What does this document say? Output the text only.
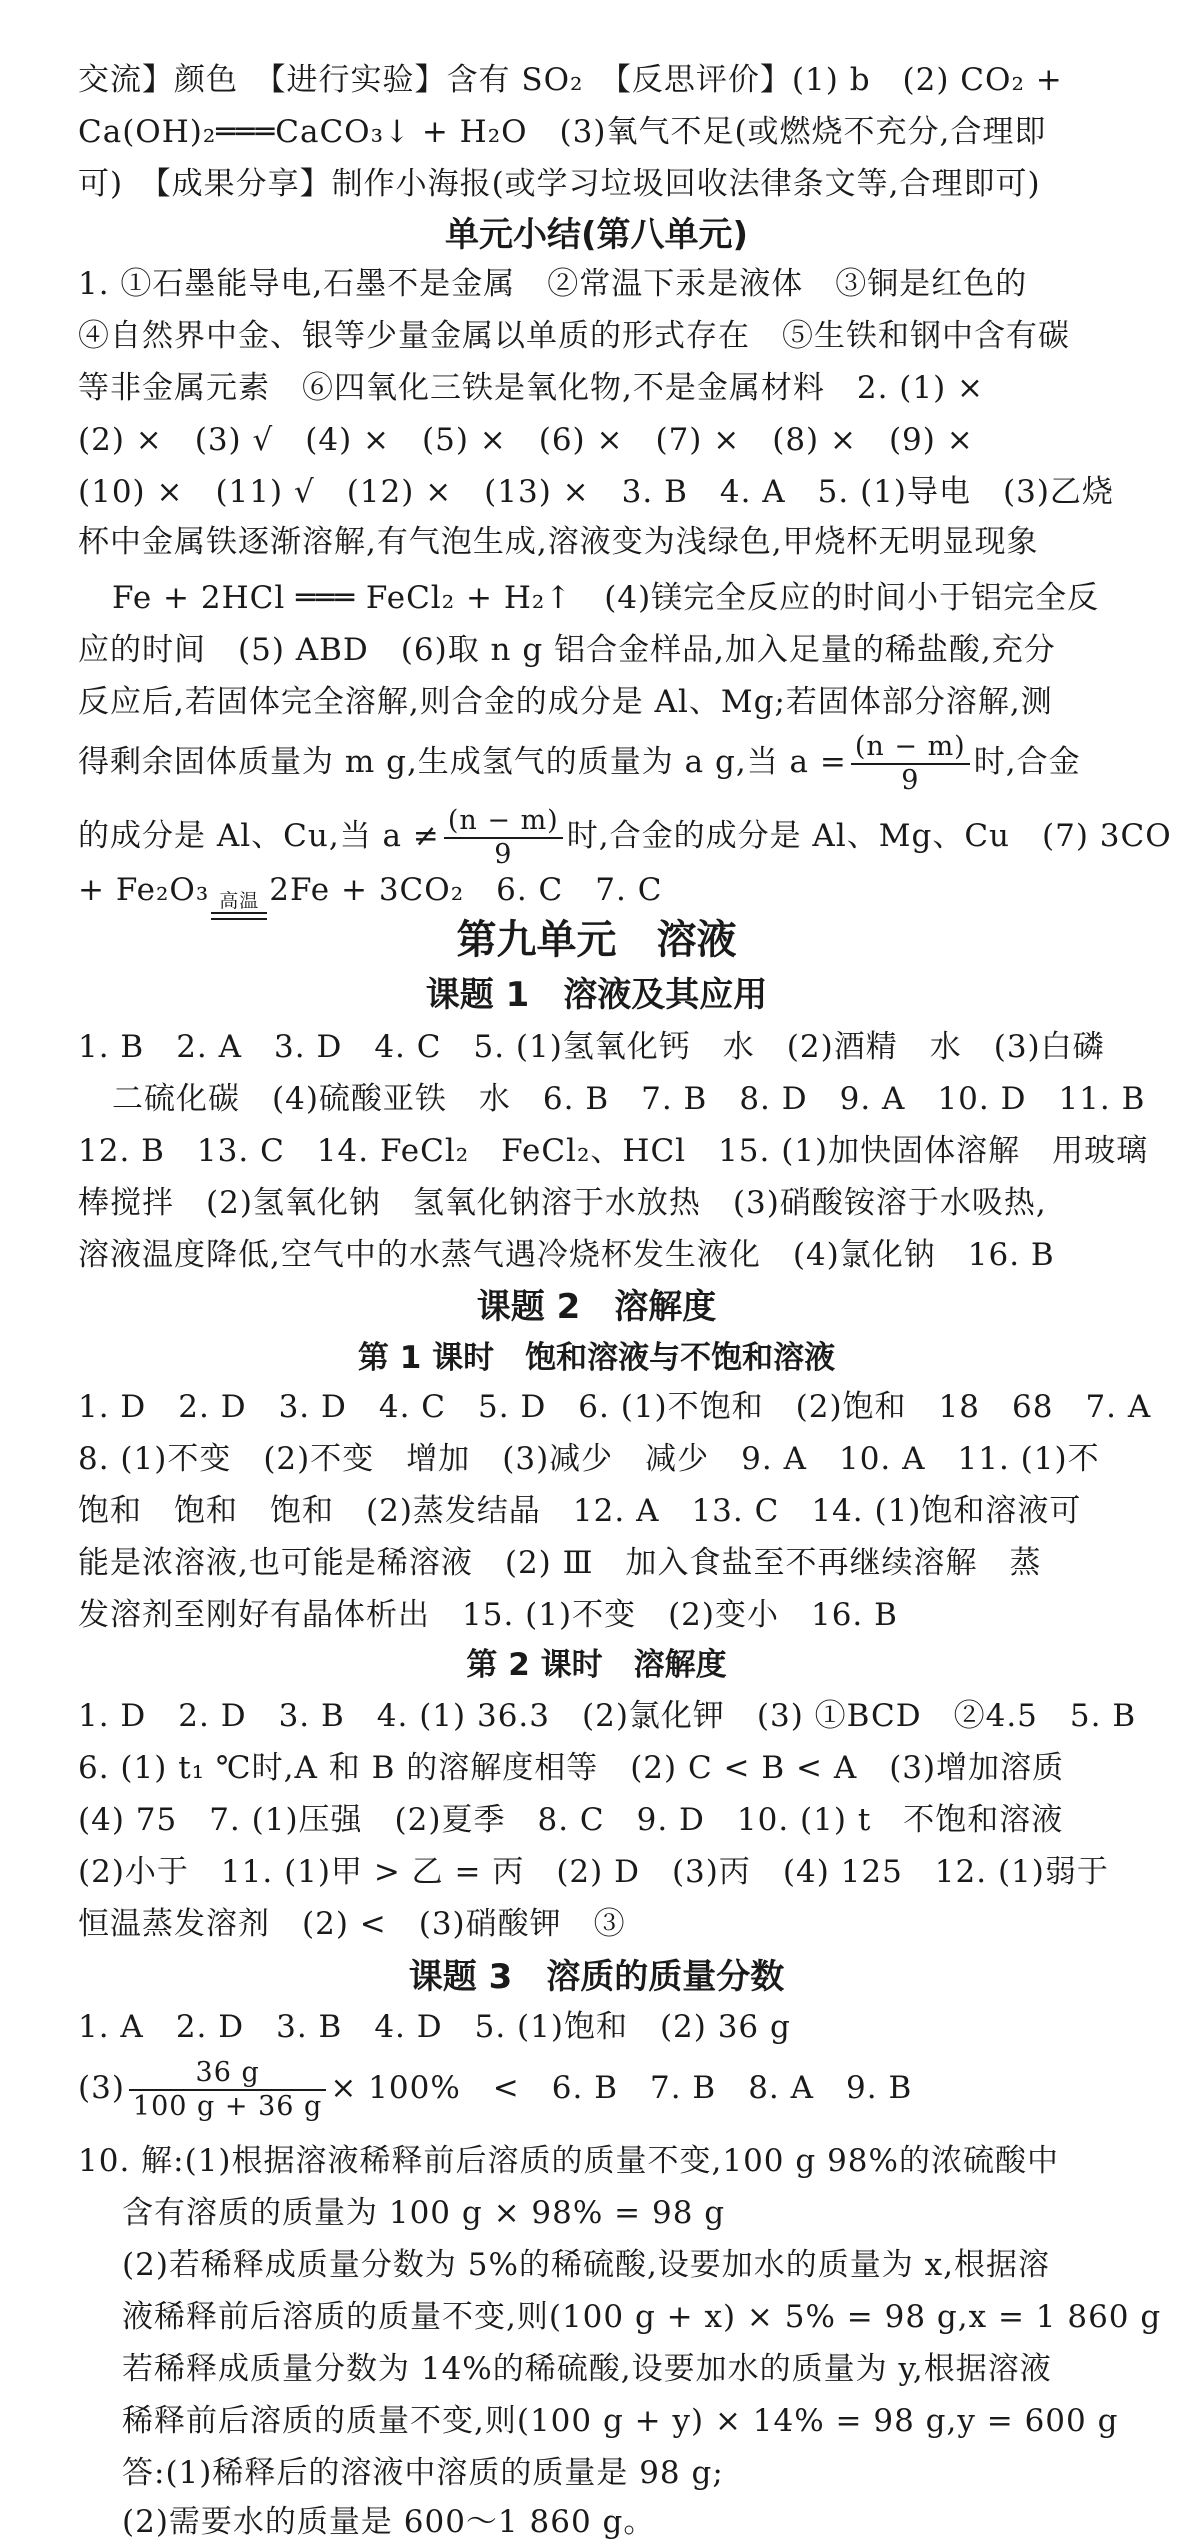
交流】颜色　【进行实验】含有 SO₂　【反思评价】(1) b　(2) CO₂ +
Ca(OH)₂═══CaCO₃↓ + H₂O　(3)氧气不足(或燃烧不充分,合理即
可)　【成果分享】制作小海报(或学习垃圾回收法律条文等,合理即可)
单元小结(第八单元)
1. ①石墨能导电,石墨不是金属　②常温下汞是液体　③铜是红色的
④自然界中金、银等少量金属以单质的形式存在　⑤生铁和钢中含有碳
等非金属元素　⑥四氧化三铁是氧化物,不是金属材料　2. (1) ×
(2) ×　(3) √　(4) ×　(5) ×　(6) ×　(7) ×　(8) ×　(9) ×
(10) ×　(11) √　(12) ×　(13) ×　3. B　4. A　5. (1)导电　(3)乙烧
杯中金属铁逐渐溶解,有气泡生成,溶液变为浅绿色,甲烧杯无明显现象
Fe + 2HCl ═══ FeCl₂ + H₂↑　(4)镁完全反应的时间小于铝完全反
应的时间　(5) ABD　(6)取 n g 铝合金样品,加入足量的稀盐酸,充分
反应后,若固体完全溶解,则合金的成分是 Al、Mg;若固体部分溶解,测
得剩余固体质量为 m g,生成氢气的质量为 a g,当 $a = \frac{(n - m)}{9}$ 时,合金
的成分是 Al、Cu,当 $a \ne \frac{(n - m)}{9}$ 时,合金的成分是 Al、Mg、Cu　(7) 3CO
+ Fe₂O₃ 高温 2Fe + 3CO₂　6. C　7. C
第九单元　溶液
课题 1　溶液及其应用
1. B　2. A　3. D　4. C　5. (1)氢氧化钙　水　(2)酒精　水　(3)白磷
二硫化碳　(4)硫酸亚铁　水　6. B　7. B　8. D　9. A　10. D　11. B
12. B　13. C　14. FeCl₂　FeCl₂、HCl　15. (1)加快固体溶解　用玻璃
棒搅拌　(2)氢氧化钠　氢氧化钠溶于水放热　(3)硝酸铵溶于水吸热,
溶液温度降低,空气中的水蒸气遇冷烧杯发生液化　(4)氯化钠　16. B
课题 2　溶解度
第 1 课时　饱和溶液与不饱和溶液
1. D　2. D　3. D　4. C　5. D　6. (1)不饱和　(2)饱和　18　68　7. A
8. (1)不变　(2)不变　增加　(3)减少　减少　9. A　10. A　11. (1)不
饱和　饱和　饱和　(2)蒸发结晶　12. A　13. C　14. (1)饱和溶液可
能是浓溶液,也可能是稀溶液　(2) Ⅲ　加入食盐至不再继续溶解　蒸
发溶剂至刚好有晶体析出　15. (1)不变　(2)变小　16. B
第 2 课时　溶解度
1. D　2. D　3. B　4. (1) 36.3　(2)氯化钾　(3) ①BCD　②4.5　5. B
6. (1) t₁ ℃时,A 和 B 的溶解度相等　(2) C < B < A　(3)增加溶质
(4) 75　7. (1)压强　(2)夏季　8. C　9. D　10. (1) t　不饱和溶液
(2)小于　11. (1)甲 > 乙 = 丙　(2) D　(3)丙　(4) 125　12. (1)弱于
恒温蒸发溶剂　(2) <　(3)硝酸钾　③
课题 3　溶质的质量分数
1. A　2. D　3. B　4. D　5. (1)饱和　(2) 36 g
$(3) \frac{36 g}{100 g + 36 g} \times 100\%$　<　6. B　7. B　8. A　9. B
10. 解:(1)根据溶液稀释前后溶质的质量不变,100 g 98%的浓硫酸中
含有溶质的质量为 100 g × 98% = 98 g
(2)若稀释成质量分数为 5%的稀硫酸,设要加水的质量为 x,根据溶
液稀释前后溶质的质量不变,则(100 g + x) × 5% = 98 g,x = 1 860 g
若稀释成质量分数为 14%的稀硫酸,设要加水的质量为 y,根据溶液
稀释前后溶质的质量不变,则(100 g + y) × 14% = 98 g,y = 600 g
答:(1)稀释后的溶液中溶质的质量是 98 g;
(2)需要水的质量是 600～1 860 g。
